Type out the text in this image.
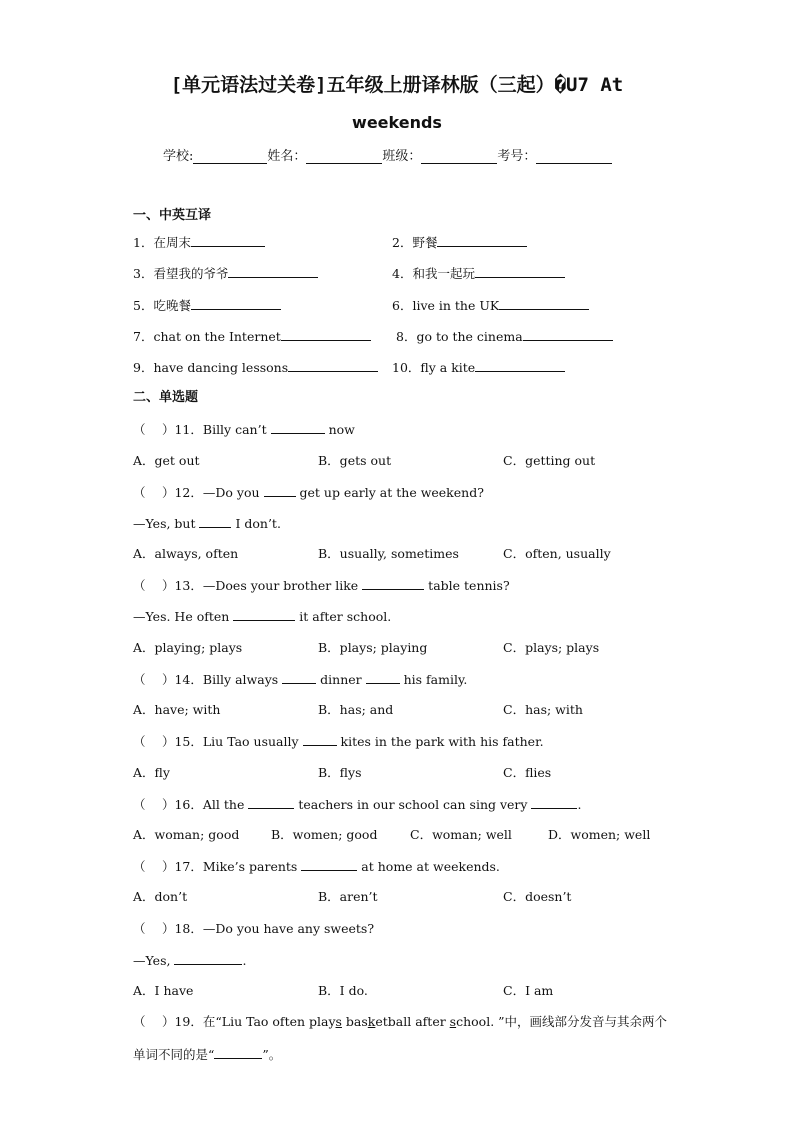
[单元语法过关卷]五年级上册译林版（三起）�U7 At
weekends
学校:	姓名：	班级：	考号：
一、中英互译
1．在周末	2．野餐
3．看望我的爷爷	4．和我一起玩
5．吃晚餐	6．live in the UK
7．chat on the Internet	8．go to the cinema
9．have dancing lessons	10．fly a kite
二、单选题
（　 ）11．Billy can’t	now
A．get out	B．gets out	C．getting out
（　 ）12．—Do you	get up early at the weekend?
—Yes, but	I don’t.
A．always, often	B．usually, sometimes	C．often, usually
（　 ）13．—Does your brother like	table tennis?
—Yes. He often	it after school.
A．playing; plays	B．plays; playing	C．plays; plays
（　 ）14．Billy always	dinner	his family.
A．have; with	B．has; and	C．has; with
（　 ）15．Liu Tao usually	kites in the park with his father.
A．fly	B．flys	C．flies
（　 ）16．All the	teachers in our school can sing very	.
A．woman; good	B．women; good	C．woman; well	D．women; well
（　 ）17．Mike’s parents	at home at weekends.
A．don’t	B．aren’t	C．doesn’t
（　 ）18．—Do you have any sweets?
—Yes,	.
A．I have	B．I do.	C．I am
（　 ）19．在“Liu Tao often plays basketball after school. ”中，画线部分发音与其余两个
单词不同的是“	”。
